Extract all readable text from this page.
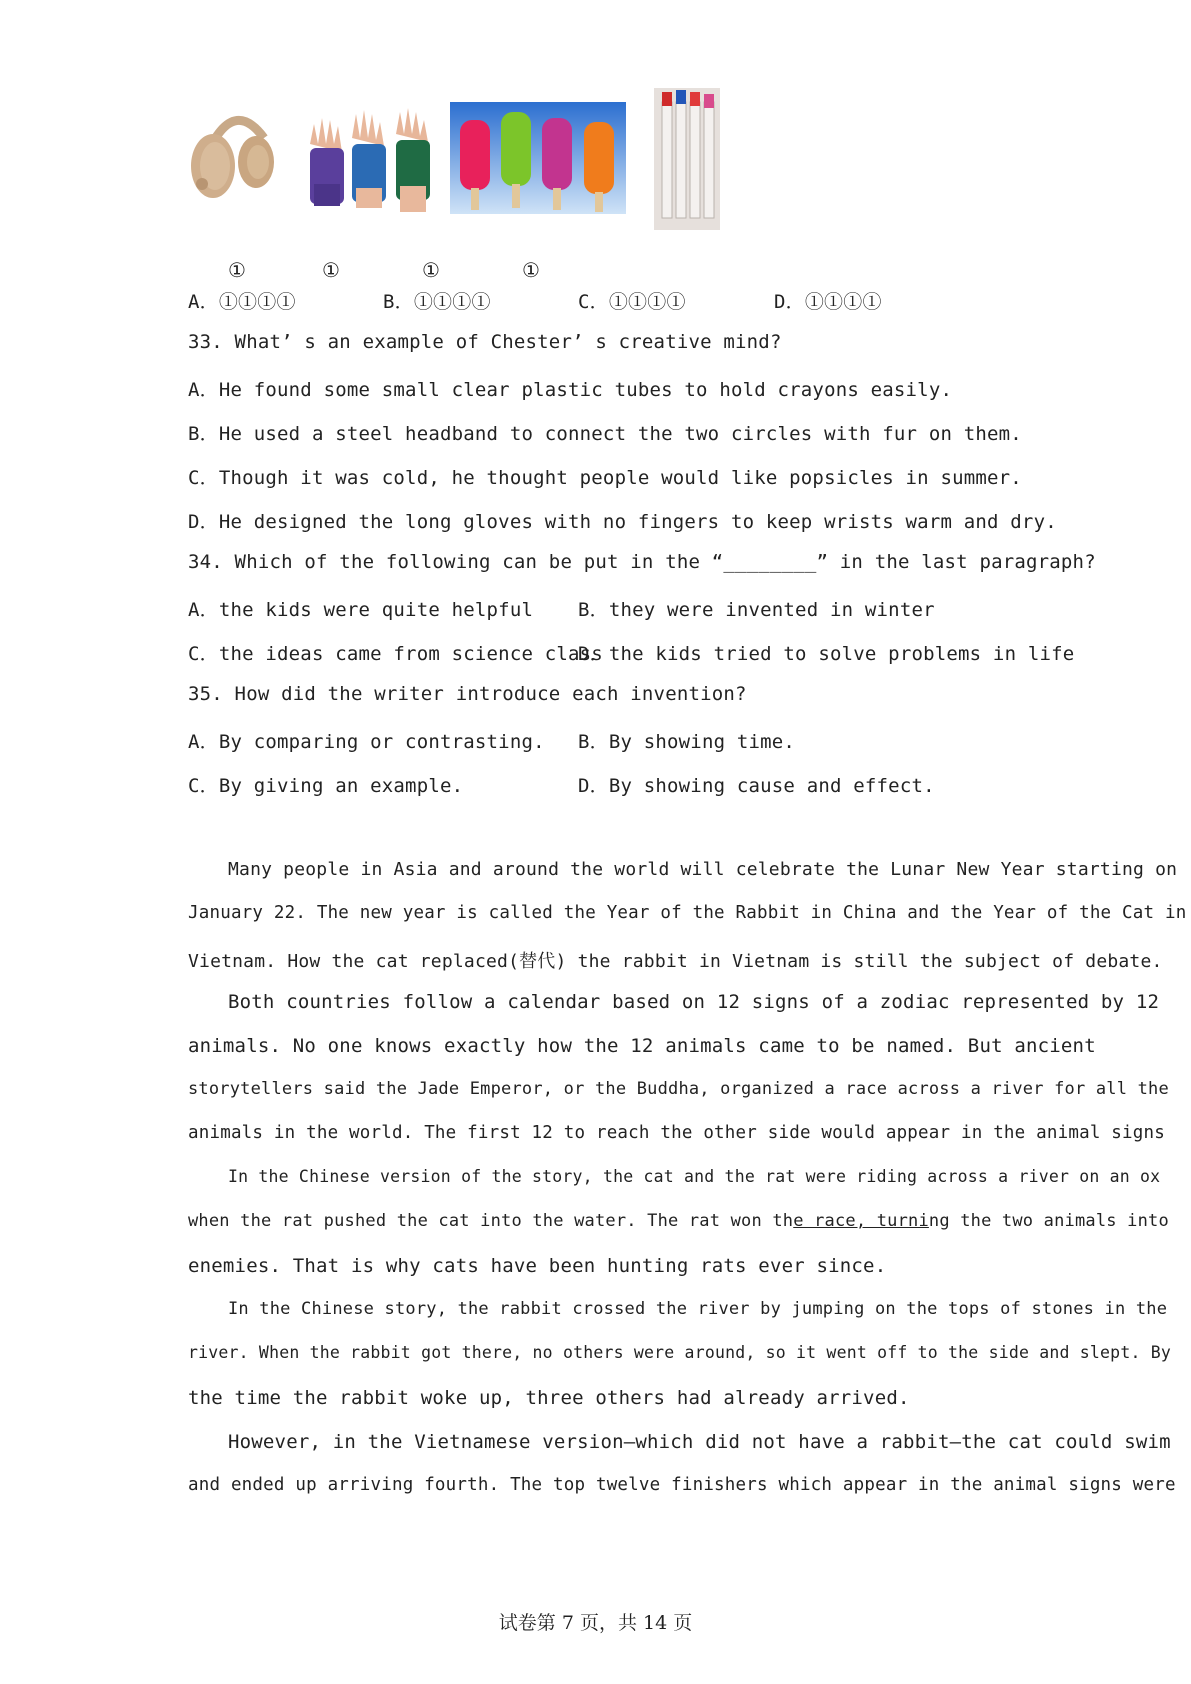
①	①	①	①
A．①①①①	B．①①①①	C．①①①①	D．①①①①
33. What’ s an example of Chester’ s creative mind?
A．He found some small clear plastic tubes to hold crayons easily.
B．He used a steel headband to connect the two circles with fur on them.
C．Though it was cold, he thought people would like popsicles in summer.
D．He designed the long gloves with no fingers to keep wrists warm and dry.
34. Which of the following can be put in the “________” in the last paragraph?
A．the kids were quite helpful B．they were invented in winter
C．the ideas came from science class
D．the kids tried to solve problems in life
35. How did the writer introduce each invention?
A．By comparing or contrasting. B．By showing time.
C．By giving an example.	D．By showing cause and effect.
Many people in Asia and around the world will celebrate the Lunar New Year starting on
January 22. The new year is called the Year of the Rabbit in China and the Year of the Cat in
Vietnam. How the cat replaced(替代) the rabbit in Vietnam is still the subject of debate.
Both countries follow a calendar based on 12 signs of a zodiac represented by 12
animals. No one knows exactly how the 12 animals came to be named. But ancient
storytellers said the Jade Emperor, or the Buddha, organized a race across a river for all the
animals in the world. The first 12 to reach the other side would appear in the animal signs
In the Chinese version of the story, the cat and the rat were riding across a river on an ox
when the rat pushed the cat into the water. The rat won the race, turning the two animals into
enemies. That is why cats have been hunting rats ever since.
In the Chinese story, the rabbit crossed the river by jumping on the tops of stones in the
river. When the rabbit got there, no others were around, so it went off to the side and slept. By
the time the rabbit woke up, three others had already arrived.
However, in the Vietnamese version—which did not have a rabbit—the cat could swim
and ended up arriving fourth. The top twelve finishers which appear in the animal signs were
试卷第 7 页，共 14 页
